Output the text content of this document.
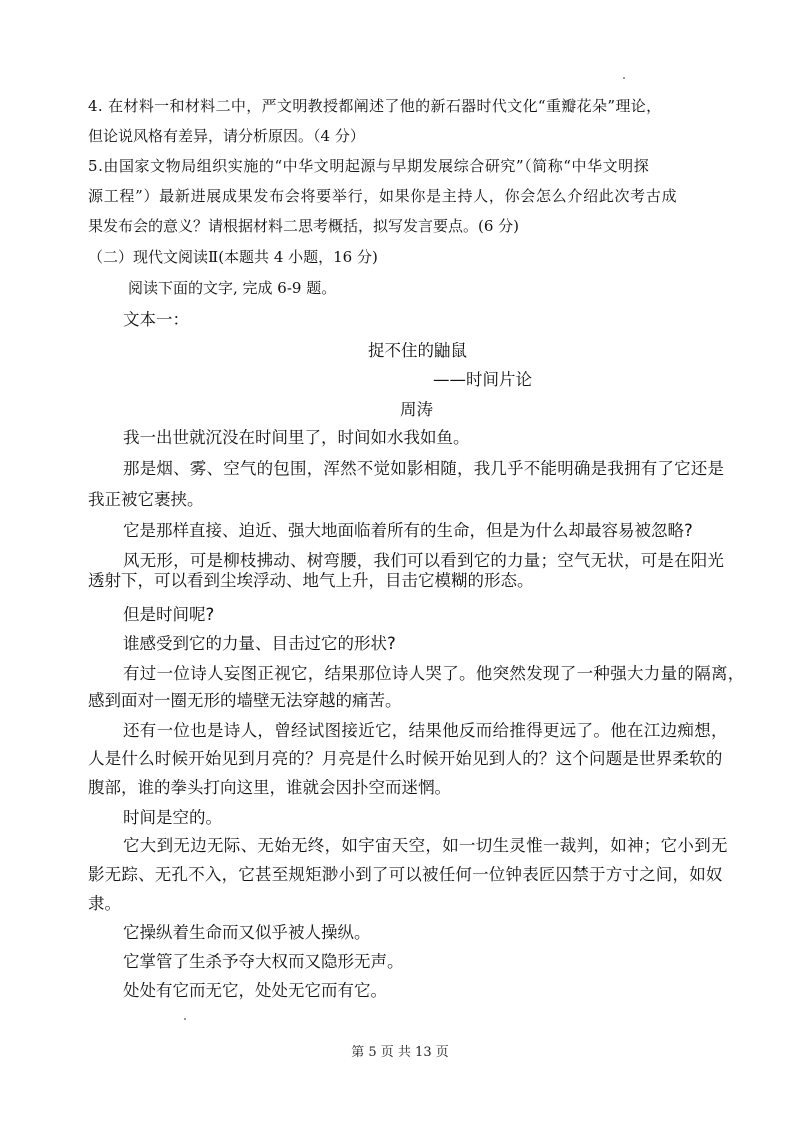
4. 在材料一和材料二中，严文明教授都阐述了他的新石器时代文化“重瓣花朵”理论，
但论说风格有差异，请分析原因。（4 分）
5.由国家文物局组织实施的“中华文明起源与早期发展综合研究”（简称“中华文明探
源工程”）最新进展成果发布会将要举行，如果你是主持人，你会怎么介绍此次考古成
果发布会的意义？请根据材料二思考概括，拟写发言要点。(6 分)
（二）现代文阅读Ⅱ(本题共 4 小题，16 分)
阅读下面的文字, 完成 6-9 题。
文本一：
捉不住的鼬鼠
——时间片论
周涛
我一出世就沉没在时间里了，时间如水我如鱼。
那是烟、雾、空气的包围，浑然不觉如影相随，我几乎不能明确是我拥有了它还是
我正被它裹挟。
它是那样直接、迫近、强大地面临着所有的生命，但是为什么却最容易被忽略?
风无形，可是柳枝拂动、树弯腰，我们可以看到它的力量；空气无状，可是在阳光
透射下，可以看到尘埃浮动、地气上升，目击它模糊的形态。
但是时间呢?
谁感受到它的力量、目击过它的形状?
有过一位诗人妄图正视它，结果那位诗人哭了。他突然发现了一种强大力量的隔离，
感到面对一圈无形的墙壁无法穿越的痛苦。
还有一位也是诗人，曾经试图接近它，结果他反而给推得更远了。他在江边痴想，
人是什么时候开始见到月亮的？月亮是什么时候开始见到人的？这个问题是世界柔软的
腹部，谁的拳头打向这里，谁就会因扑空而迷惘。
时间是空的。
它大到无边无际、无始无终，如宇宙天空，如一切生灵惟一裁判，如神；它小到无
影无踪、无孔不入，它甚至规矩渺小到了可以被任何一位钟表匠囚禁于方寸之间，如奴
隶。
它操纵着生命而又似乎被人操纵。
它掌管了生杀予夺大权而又隐形无声。
处处有它而无它，处处无它而有它。
第 5 页 共 13 页
